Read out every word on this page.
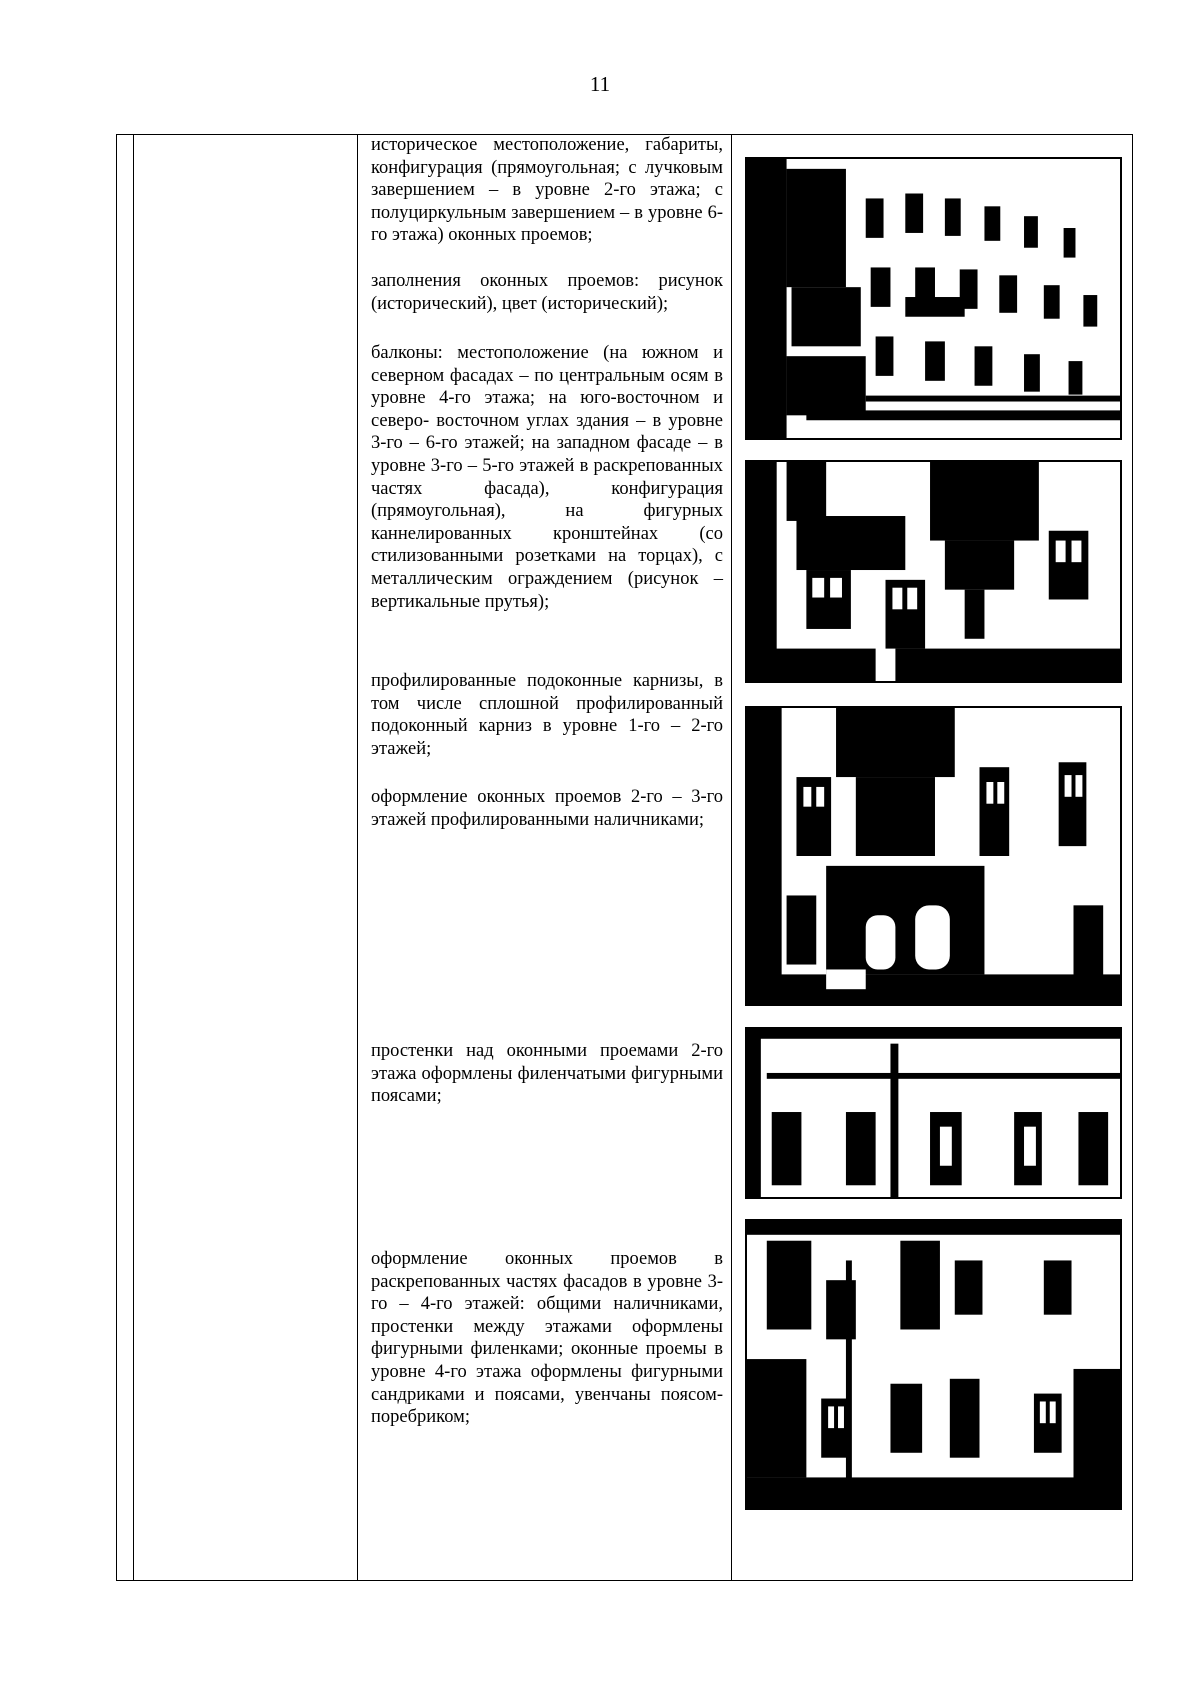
11
историческое местоположение, габариты, конфигурация (прямоугольная; с лучковым завершением – в уровне 2-го этажа; с полуциркульным завершением – в уровне 6-го этажа) оконных проемов;
заполнения оконных проемов: рисунок (исторический), цвет (исторический);
балконы: местоположение (на южном и северном фасадах – по центральным осям в уровне 4-го этажа; на юго-восточном и северо- восточном углах здания – в уровне 3-го – 6-го этажей; на западном фасаде – в уровне 3-го – 5-го этажей в раскрепованных частях фасада), конфигурация (прямоугольная), на фигурных каннелированных кронштейнах (со стилизованными розетками на торцах), с металлическим ограждением (рисунок – вертикальные прутья);
профилированные подоконные карнизы, в том числе сплошной профилированный подоконный карниз в уровне 1-го – 2-го этажей;
оформление оконных проемов 2-го – 3-го этажей профилированными наличниками;
простенки над оконными проемами 2-го этажа оформлены филенчатыми фигурными поясами;
оформление оконных проемов в раскрепованных частях фасадов в уровне 3-го – 4-го этажей: общими наличниками, простенки между этажами оформлены фигурными филенками; оконные проемы в уровне 4-го этажа оформлены фигурными сандриками и поясами, увенчаны поясом-поребриком;
